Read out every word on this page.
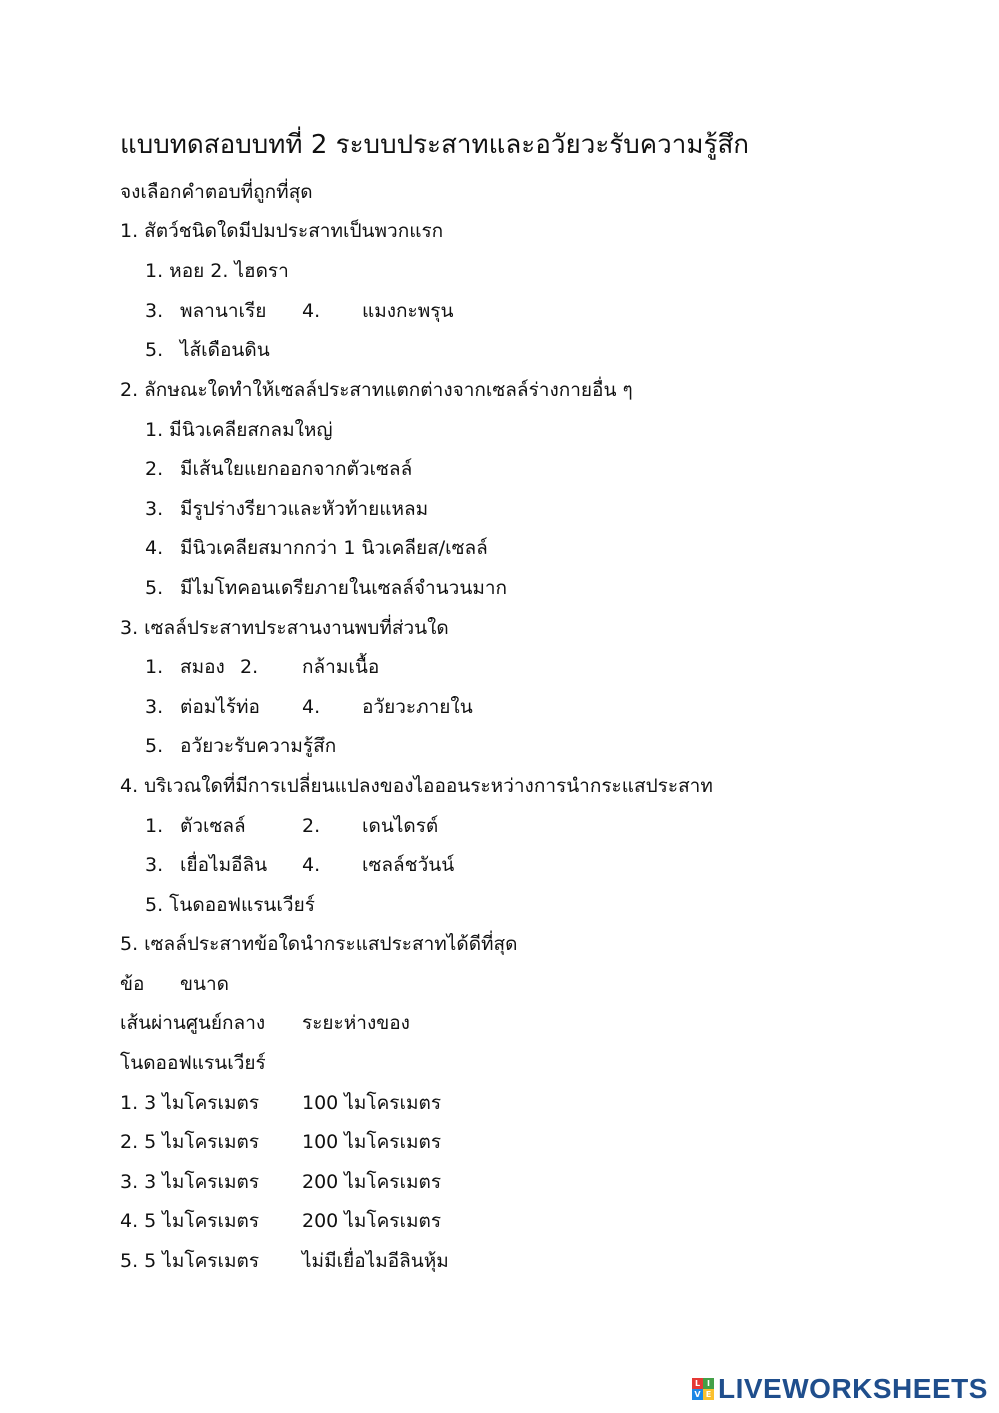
แบบทดสอบบทที่ 2 ระบบประสาทและอวัยวะรับความรู้สึก
จงเลือกคำตอบที่ถูกที่สุด
1. สัตว์ชนิดใดมีปมประสาทเป็นพวกแรก
1. หอย 2. ไฮดรา
3. พลานาเรีย 4. แมงกะพรุน
5. ไส้เดือนดิน
2. ลักษณะใดทำให้เซลล์ประสาทแตกต่างจากเซลล์ร่างกายอื่น ๆ
1. มีนิวเคลียสกลมใหญ่
2. มีเส้นใยแยกออกจากตัวเซลล์
3. มีรูปร่างรียาวและหัวท้ายแหลม
4. มีนิวเคลียสมากกว่า 1 นิวเคลียส/เซลล์
5. มีไมโทคอนเดรียภายในเซลล์จำนวนมาก
3. เซลล์ประสาทประสานงานพบที่ส่วนใด
1. สมอง 2. กล้ามเนื้อ
3. ต่อมไร้ท่อ 4. อวัยวะภายใน
5. อวัยวะรับความรู้สึก
4. บริเวณใดที่มีการเปลี่ยนแปลงของไอออนระหว่างการนำกระแสประสาท
1. ตัวเซลล์	2. เดนไดรต์
3. เยื่อไมอีลิน 4. เซลล์ชวันน์
5. โนดออฟแรนเวียร์
5. เซลล์ประสาทข้อใดนำกระแสประสาทได้ดีที่สุด
ข้อ ขนาด
เส้นผ่านศูนย์กลาง ระยะห่างของ
โนดออฟแรนเวียร์
1. 3 ไมโครเมตร 100 ไมโครเมตร
2. 5 ไมโครเมตร 100 ไมโครเมตร
3. 3 ไมโครเมตร 200 ไมโครเมตร
4. 5 ไมโครเมตร 200 ไมโครเมตร
5. 5 ไมโครเมตร ไม่มีเยื่อไมอีลินหุ้ม
L I
V E LIVEWORKSHEETS
